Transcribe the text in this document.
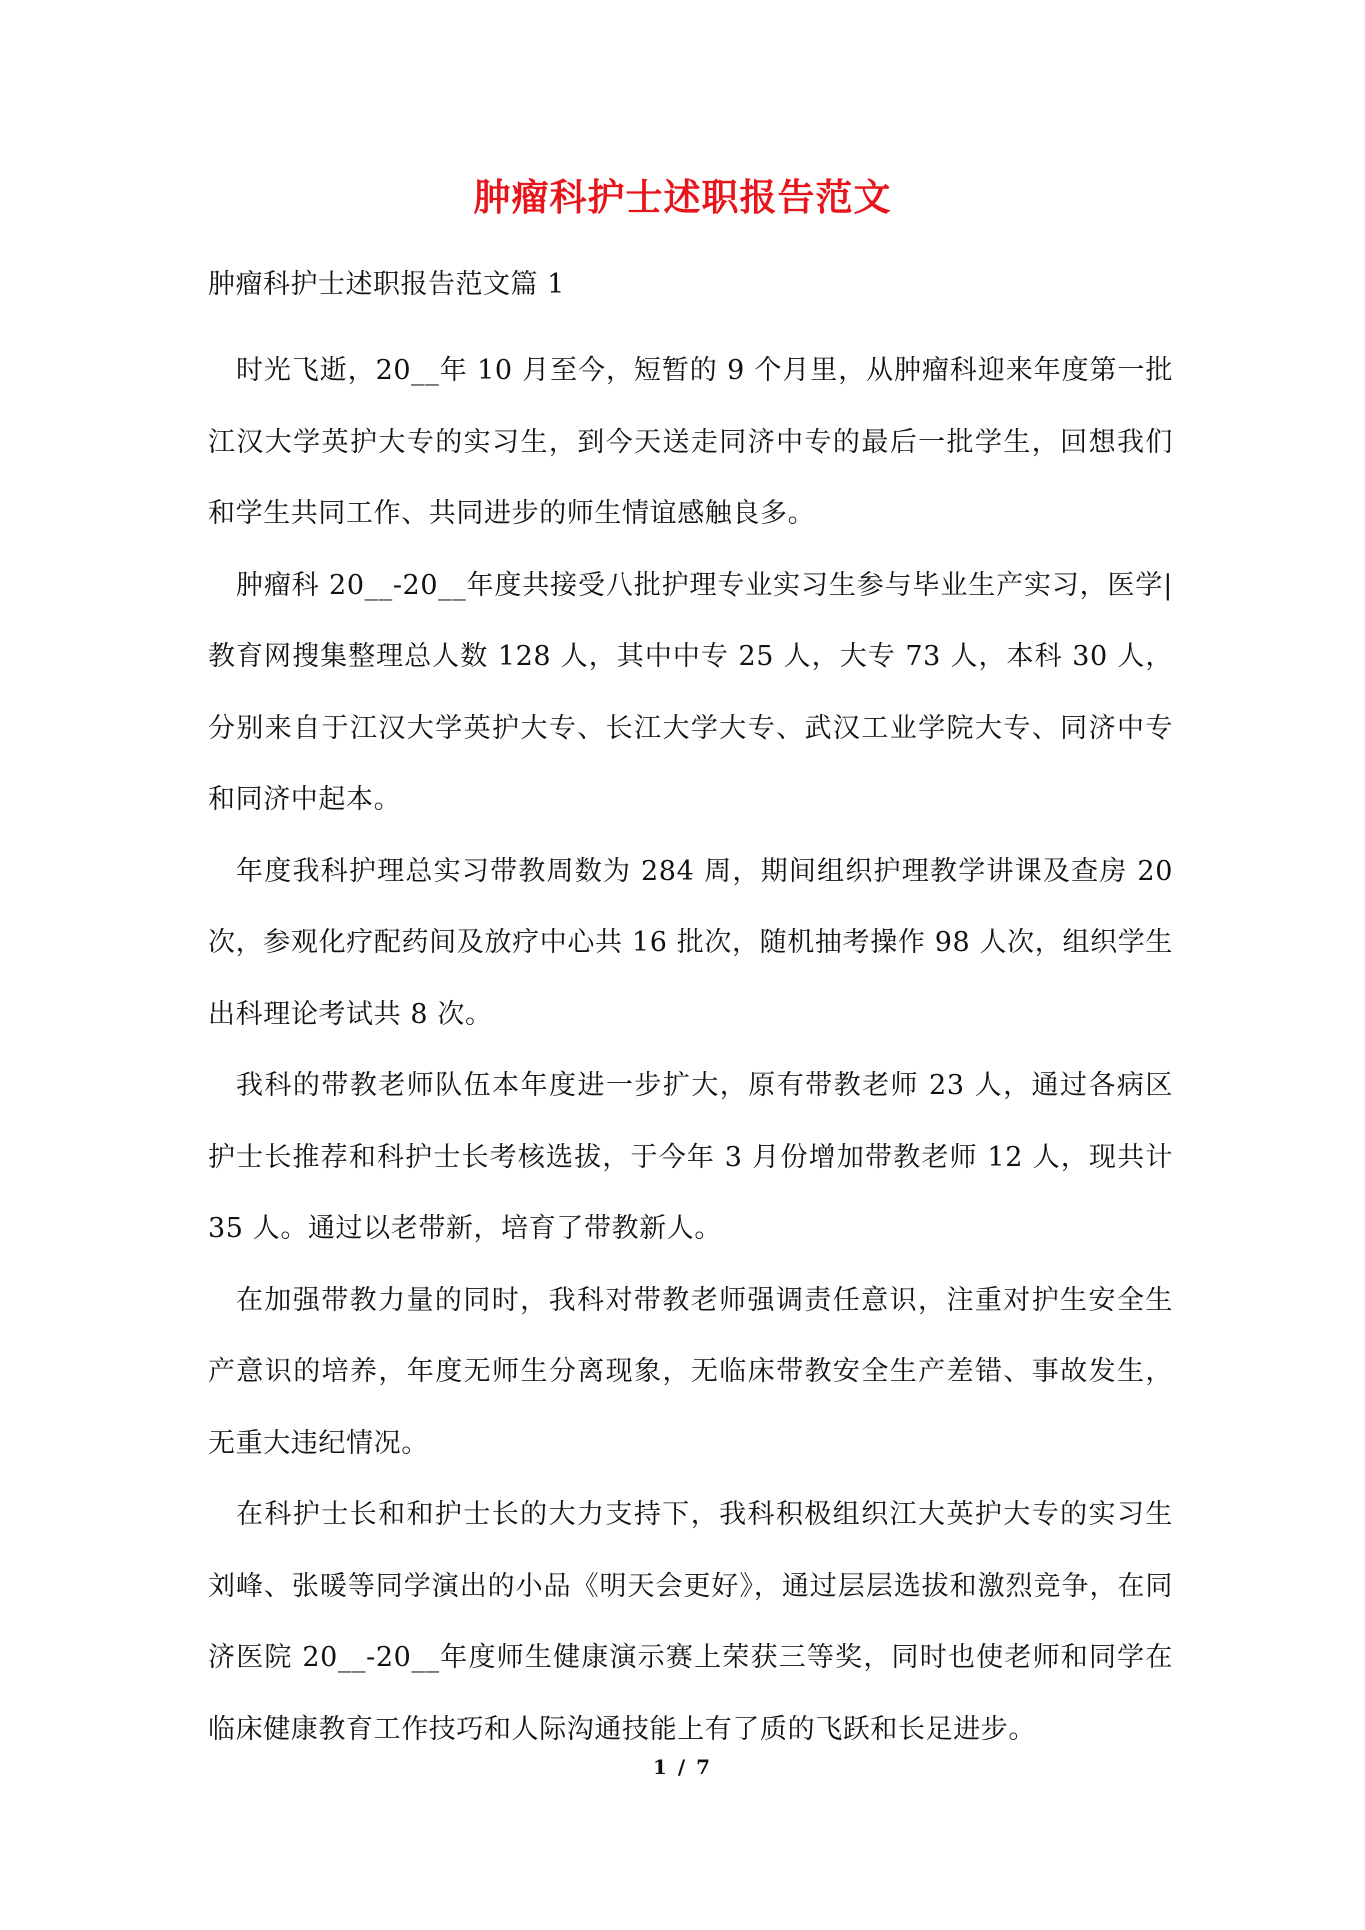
肿瘤科护士述职报告范文

肿瘤科护士述职报告范文篇 1

时光飞逝，20__年 10 月至今，短暂的 9 个月里，从肿瘤科迎来年度第一批江汉大学英护大专的实习生，到今天送走同济中专的最后一批学生，回想我们和学生共同工作、共同进步的师生情谊感触良多。

肿瘤科 20__-20__年度共接受八批护理专业实习生参与毕业生产实习，医学|教育网搜集整理总人数 128 人，其中中专 25 人，大专 73 人，本科 30 人，分别来自于江汉大学英护大专、长江大学大专、武汉工业学院大专、同济中专和同济中起本。

年度我科护理总实习带教周数为 284 周，期间组织护理教学讲课及查房 20 次，参观化疗配药间及放疗中心共 16 批次，随机抽考操作 98 人次，组织学生出科理论考试共 8 次。

我科的带教老师队伍本年度进一步扩大，原有带教老师 23 人，通过各病区护士长推荐和科护士长考核选拔，于今年 3 月份增加带教老师 12 人，现共计 35 人。通过以老带新，培育了带教新人。

在加强带教力量的同时，我科对带教老师强调责任意识，注重对护生安全生产意识的培养，年度无师生分离现象，无临床带教安全生产差错、事故发生，无重大违纪情况。

在科护士长和和护士长的大力支持下，我科积极组织江大英护大专的实习生刘峰、张暖等同学演出的小品《明天会更好》，通过层层选拔和激烈竞争，在同济医院 20__-20__年度师生健康演示赛上荣获三等奖，同时也使老师和同学在临床健康教育工作技巧和人际沟通技能上有了质的飞跃和长足进步。

1 / 7
